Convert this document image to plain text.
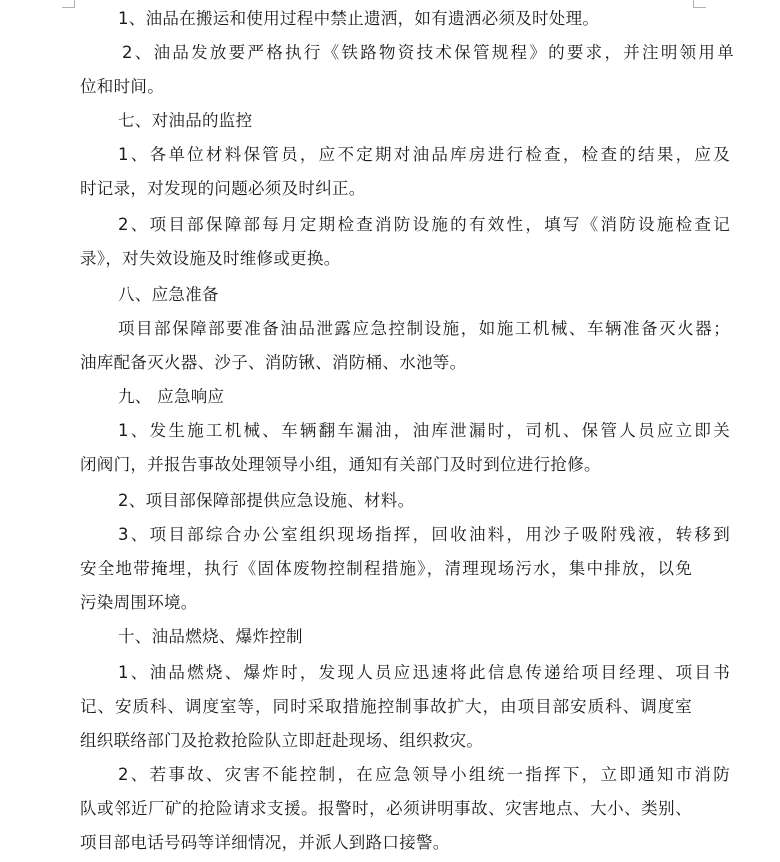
1、油品在搬运和使用过程中禁止遗洒，如有遗洒必须及时处理。
2、油品发放要严格执行《铁路物资技术保管规程》的要求，并注明领用单
位和时间。
七、对油品的监控
1、各单位材料保管员，应不定期对油品库房进行检查，检查的结果，应及
时记录，对发现的问题必须及时纠正。
2、项目部保障部每月定期检查消防设施的有效性，填写《消防设施检查记
录》，对失效设施及时维修或更换。
八、应急准备
项目部保障部要准备油品泄露应急控制设施，如施工机械、车辆准备灭火器；
油库配备灭火器、沙子、消防锹、消防桶、水池等。
九、 应急响应
1、发生施工机械、车辆翻车漏油，油库泄漏时，司机、保管人员应立即关
闭阀门，并报告事故处理领导小组，通知有关部门及时到位进行抢修。
2、项目部保障部提供应急设施、材料。
3、项目部综合办公室组织现场指挥，回收油料，用沙子吸附残液，转移到
安全地带掩埋，执行《固体废物控制程措施》，清理现场污水，集中排放，以免
污染周围环境。
十、油品燃烧、爆炸控制
1、油品燃烧、爆炸时，发现人员应迅速将此信息传递给项目经理、项目书
记、安质科、调度室等，同时采取措施控制事故扩大，由项目部安质科、调度室
组织联络部门及抢救抢险队立即赶赴现场、组织救灾。
2、若事故、灾害不能控制，在应急领导小组统一指挥下，立即通知市消防
队或邻近厂矿的抢险请求支援。报警时，必须讲明事故、灾害地点、大小、类别、
项目部电话号码等详细情况，并派人到路口接警。
